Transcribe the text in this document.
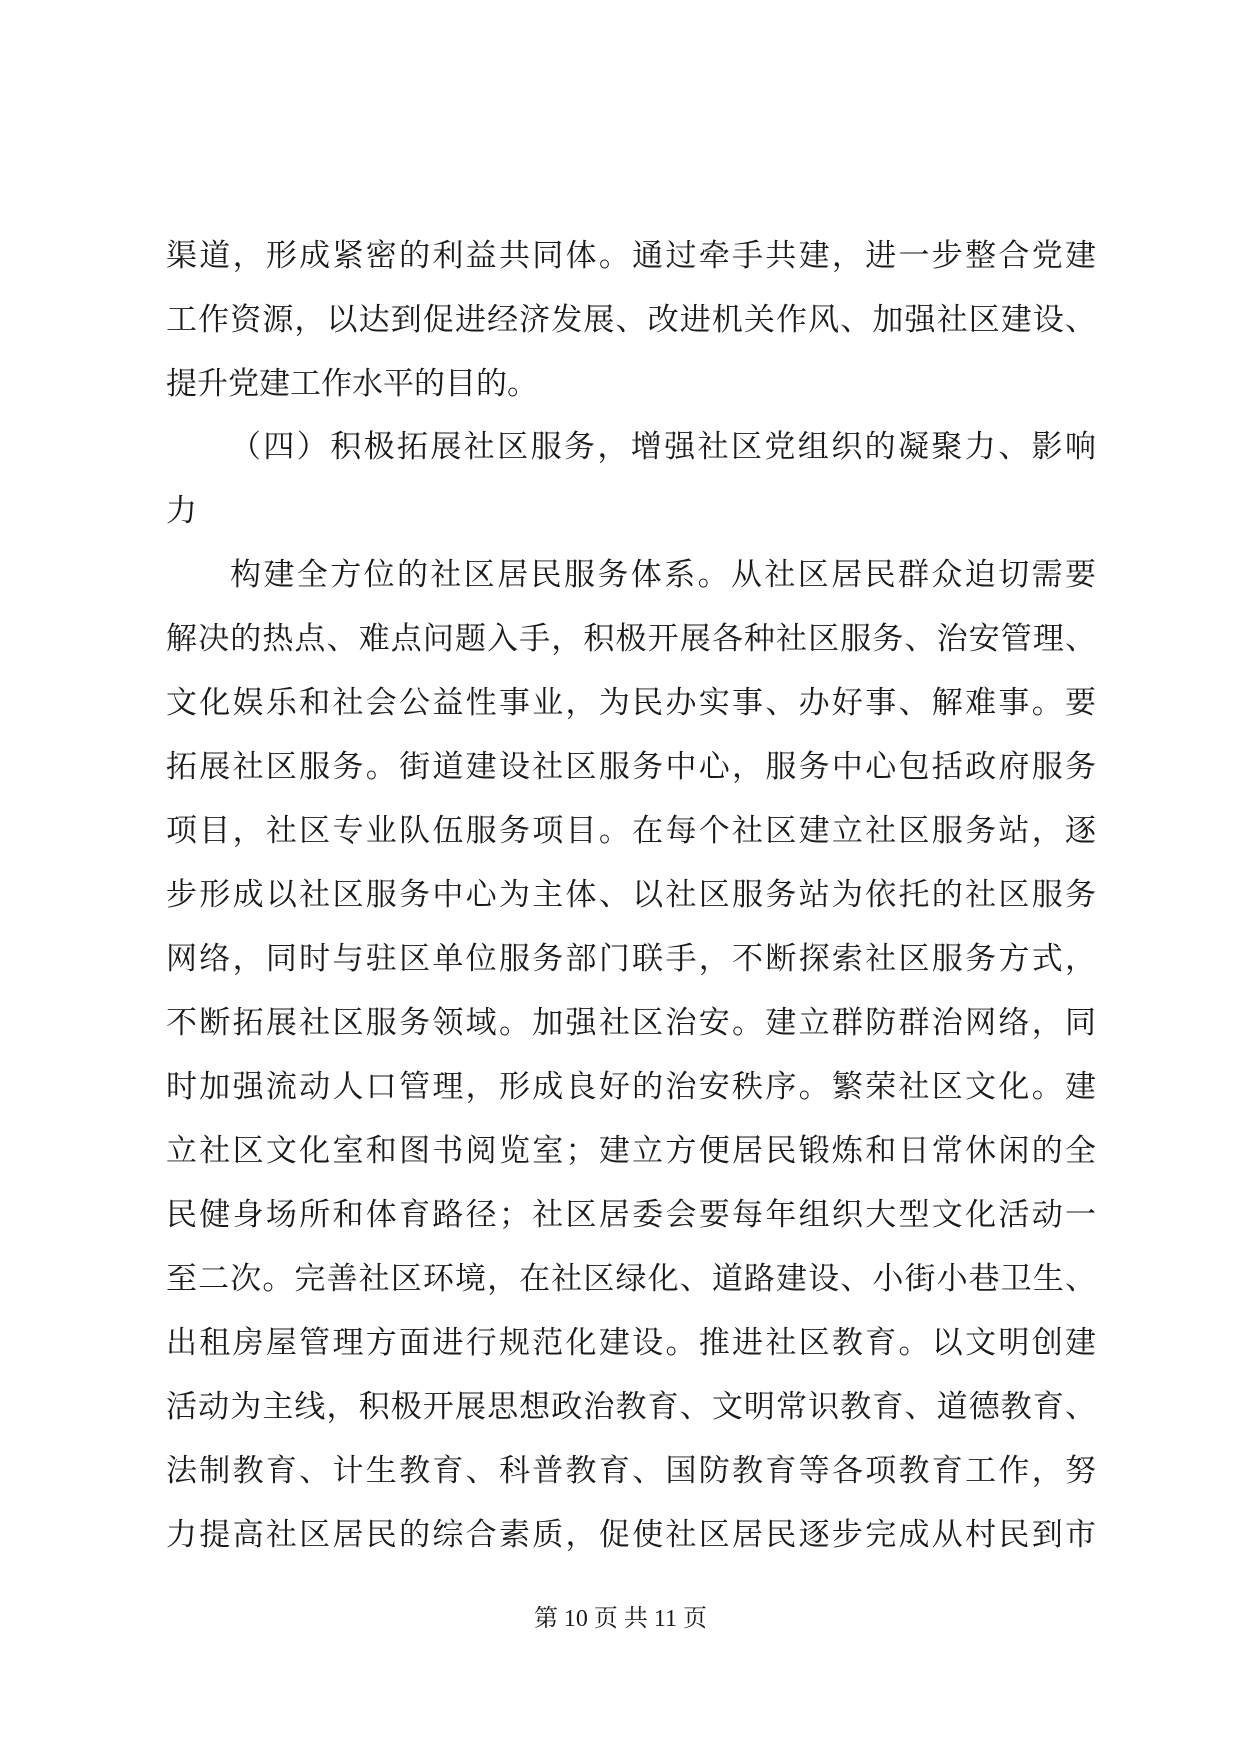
渠道，形成紧密的利益共同体。通过牵手共建，进一步整合党建
工作资源，以达到促进经济发展、改进机关作风、加强社区建设、
提升党建工作水平的目的。
（四）积极拓展社区服务，增强社区党组织的凝聚力、影响
力
构建全方位的社区居民服务体系。从社区居民群众迫切需要
解决的热点、难点问题入手，积极开展各种社区服务、治安管理、
文化娱乐和社会公益性事业，为民办实事、办好事、解难事。要
拓展社区服务。街道建设社区服务中心，服务中心包括政府服务
项目，社区专业队伍服务项目。在每个社区建立社区服务站，逐
步形成以社区服务中心为主体、以社区服务站为依托的社区服务
网络，同时与驻区单位服务部门联手，不断探索社区服务方式，
不断拓展社区服务领域。加强社区治安。建立群防群治网络，同
时加强流动人口管理，形成良好的治安秩序。繁荣社区文化。建
立社区文化室和图书阅览室；建立方便居民锻炼和日常休闲的全
民健身场所和体育路径；社区居委会要每年组织大型文化活动一
至二次。完善社区环境，在社区绿化、道路建设、小街小巷卫生、
出租房屋管理方面进行规范化建设。推进社区教育。以文明创建
活动为主线，积极开展思想政治教育、文明常识教育、道德教育、
法制教育、计生教育、科普教育、国防教育等各项教育工作，努
力提高社区居民的综合素质，促使社区居民逐步完成从村民到市
第 10 页 共 11 页
